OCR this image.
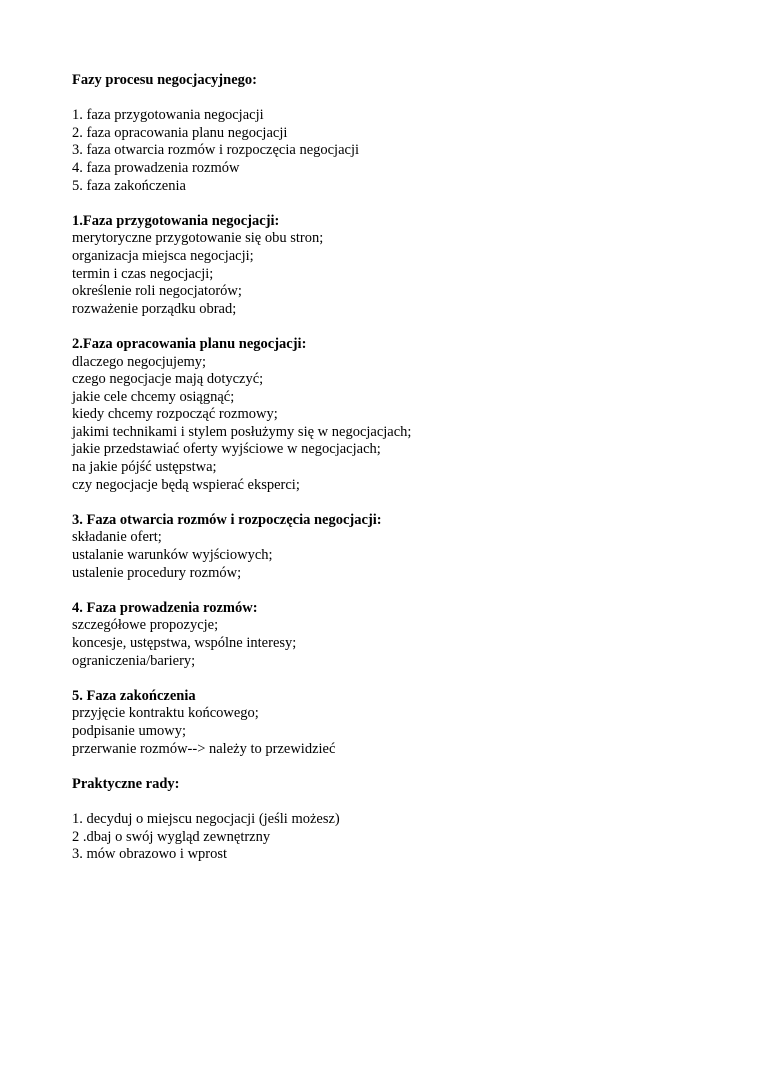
Fazy procesu negocjacyjnego:

1. faza przygotowania negocjacji

2. faza opracowania planu negocjacji

3. faza otwarcia rozmów i rozpoczęcia negocjacji

4. faza prowadzenia rozmów

5. faza zakończenia

1.Faza przygotowania negocjacji:

merytoryczne przygotowanie się obu stron;

organizacja miejsca negocjacji;

termin i czas negocjacji;

określenie roli negocjatorów;

rozważenie porządku obrad;

2.Faza opracowania planu negocjacji:

dlaczego negocjujemy;

czego negocjacje mają dotyczyć;

jakie cele chcemy osiągnąć;

kiedy chcemy rozpocząć rozmowy;

jakimi technikami i stylem posłużymy się w negocjacjach;

jakie przedstawiać oferty wyjściowe w negocjacjach;

na jakie pójść ustępstwa;

czy negocjacje będą wspierać eksperci;

3. Faza otwarcia rozmów i rozpoczęcia negocjacji:

składanie ofert;

ustalanie warunków wyjściowych;

ustalenie procedury rozmów;

4. Faza prowadzenia rozmów:

szczegółowe propozycje;

koncesje, ustępstwa, wspólne interesy;

ograniczenia/bariery;

5. Faza zakończenia

przyjęcie kontraktu końcowego;

podpisanie umowy;

przerwanie rozmów--> należy to przewidzieć

Praktyczne rady:

1. decyduj o miejscu negocjacji (jeśli możesz)

2 .dbaj o swój wygląd zewnętrzny

3. mów obrazowo i wprost
